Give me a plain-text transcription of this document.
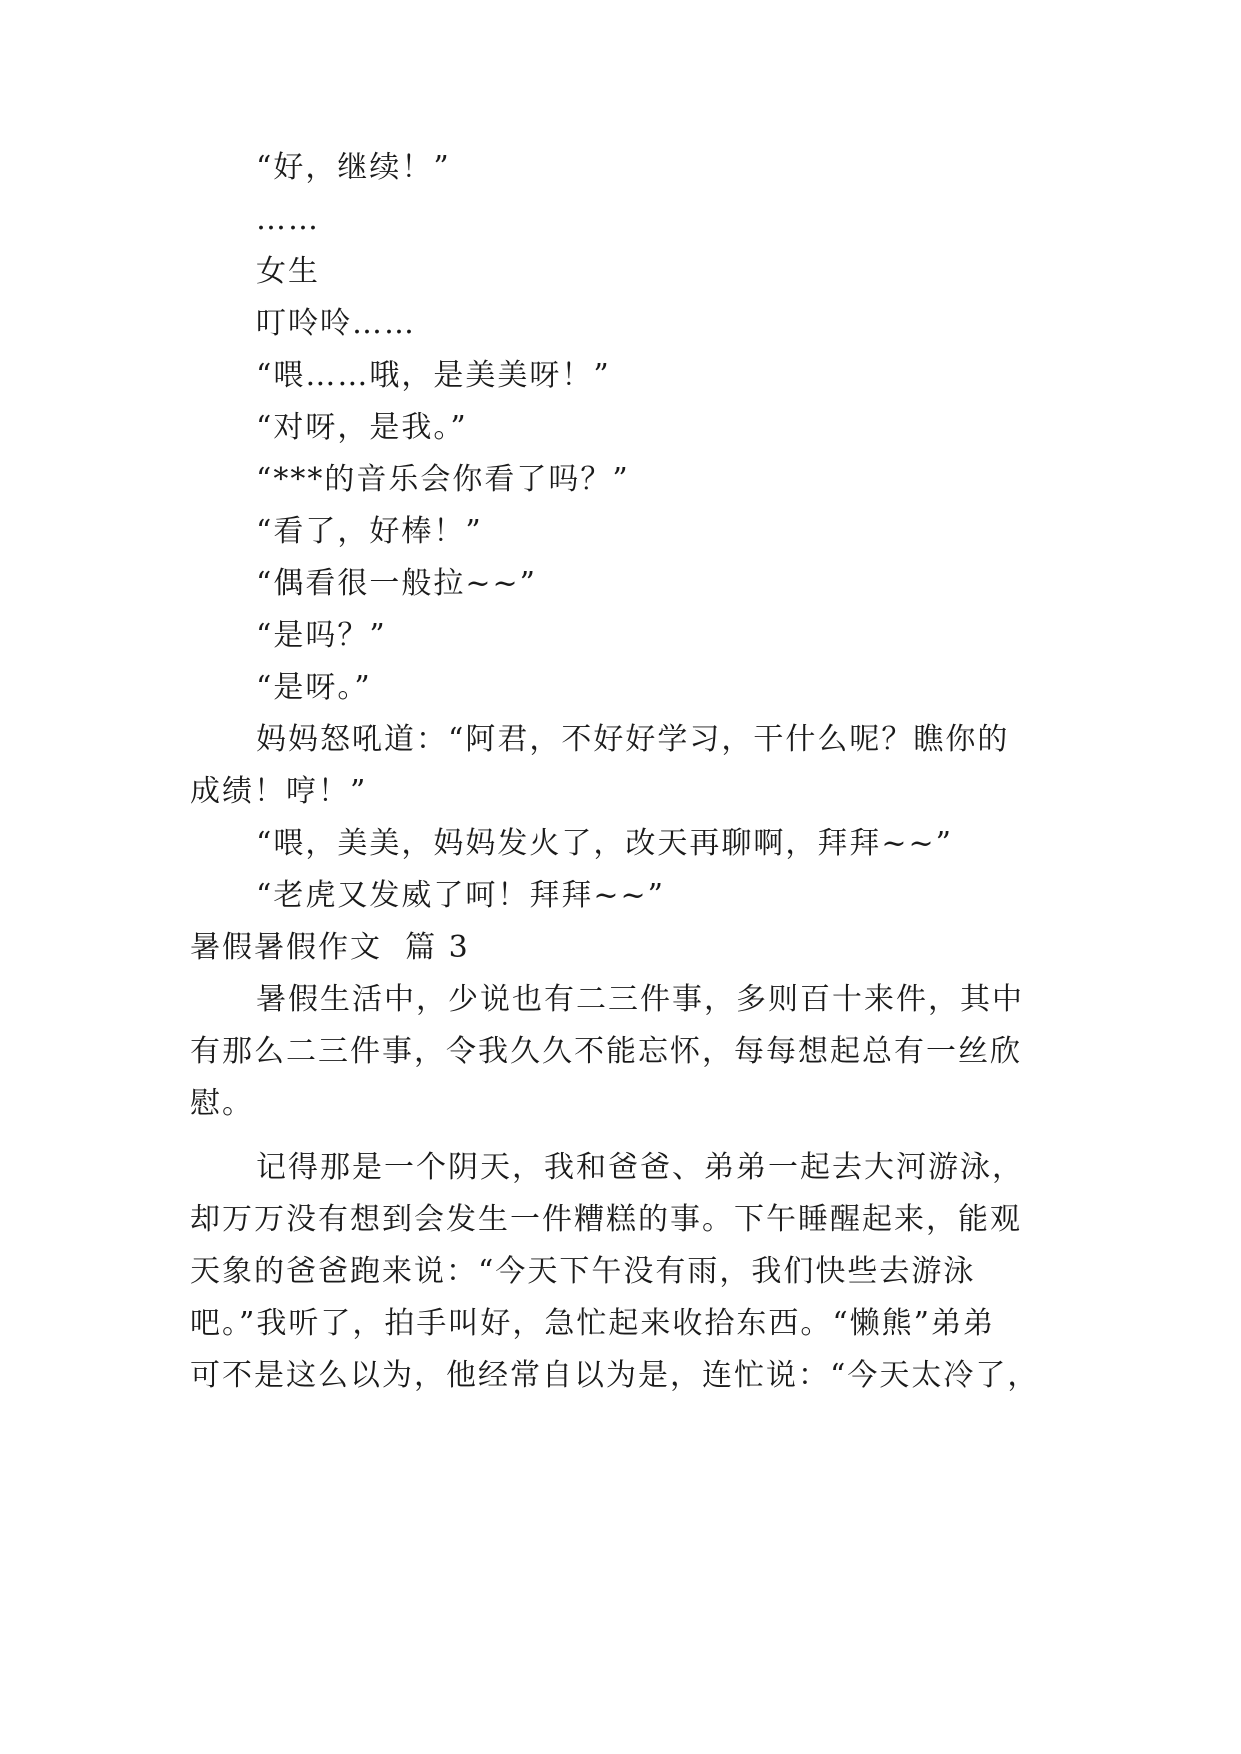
“好，继续！”
……
女生
叮呤呤……
“喂……哦，是美美呀！”
“对呀，是我。”
“***的音乐会你看了吗？”
“看了，好棒！”
“偶看很一般拉~~”
“是吗？”
“是呀。”
妈妈怒吼道：“阿君，不好好学习，干什么呢？瞧你的
成绩！哼！”
“喂，美美，妈妈发火了，改天再聊啊，拜拜~~”
“老虎又发威了呵！拜拜~~”
暑假暑假作文  篇 3
暑假生活中，少说也有二三件事，多则百十来件，其中
有那么二三件事，令我久久不能忘怀，每每想起总有一丝欣
慰。
记得那是一个阴天，我和爸爸、弟弟一起去大河游泳，
却万万没有想到会发生一件糟糕的事。下午睡醒起来，能观
天象的爸爸跑来说：“今天下午没有雨，我们快些去游泳
吧。”我听了，拍手叫好，急忙起来收拾东西。“懒熊”弟弟
可不是这么以为，他经常自以为是，连忙说：“今天太冷了，
